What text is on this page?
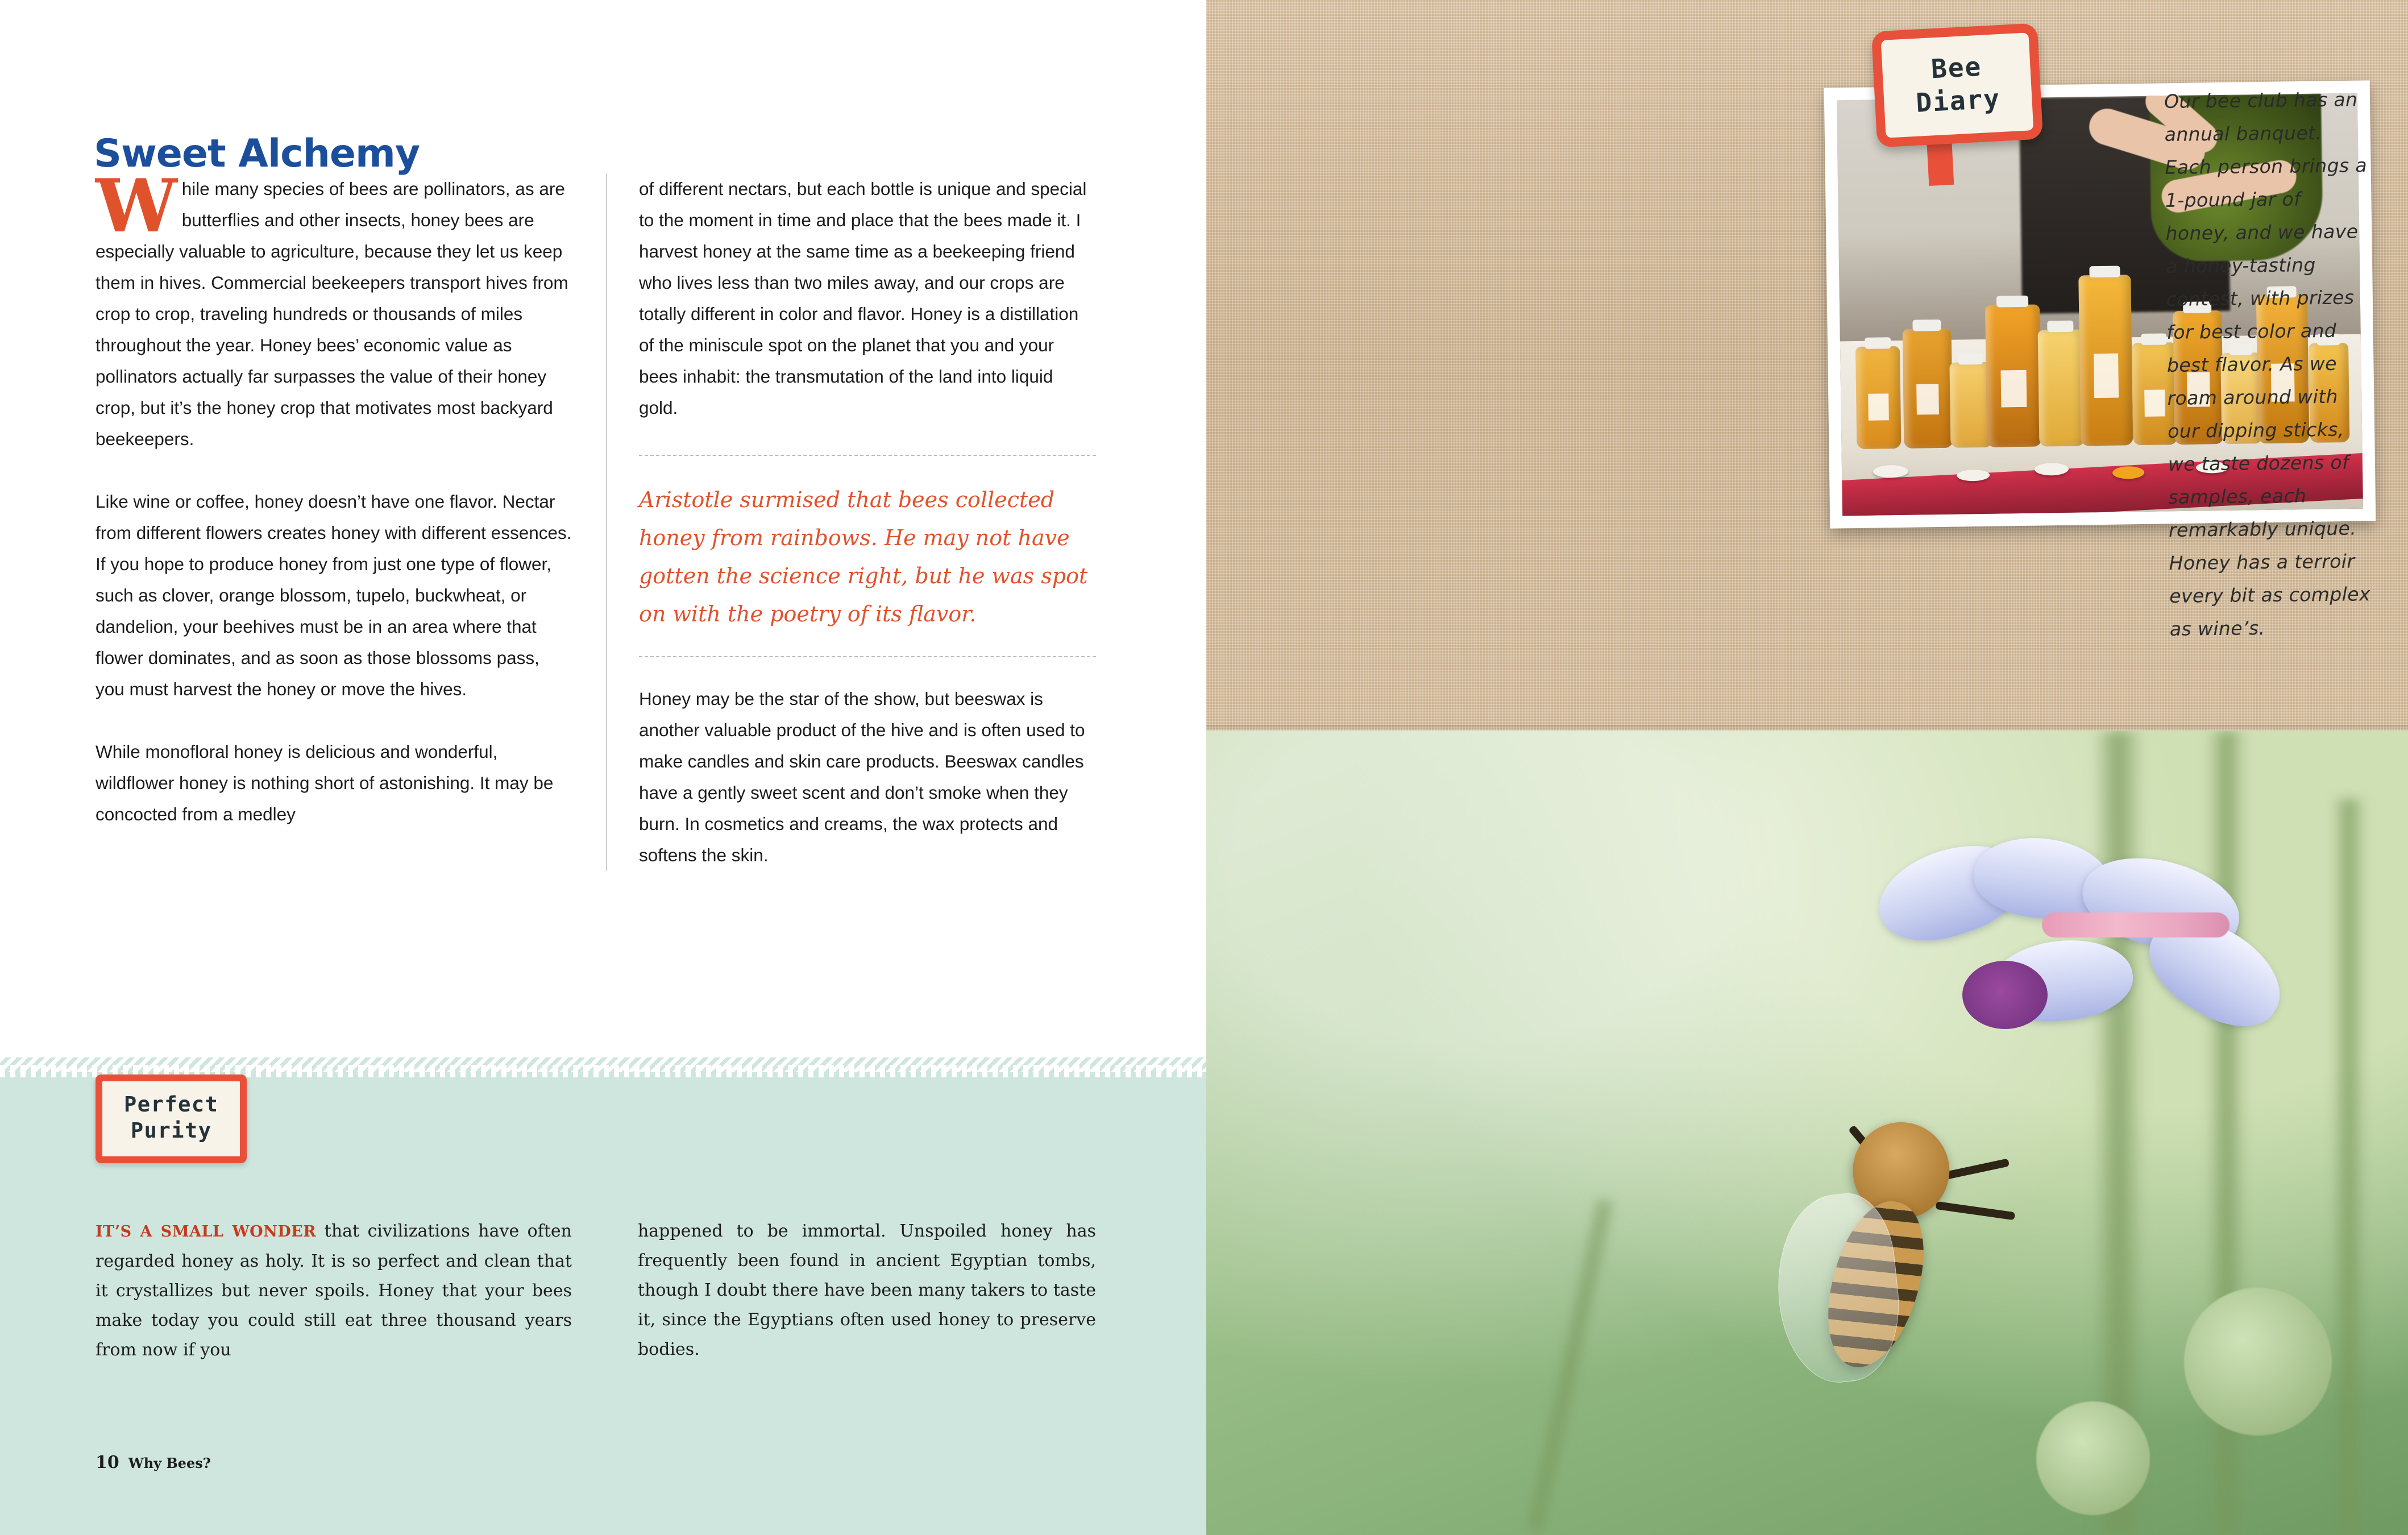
Sweet Alchemy

While many species of bees are pollinators, as are butterflies and other insects, honey bees are especially valuable to agriculture, because they let us keep them in hives. Commercial beekeepers transport hives from crop to crop, traveling hundreds or thousands of miles throughout the year. Honey bees’ economic value as pollinators actually far surpasses the value of their honey crop, but it’s the honey crop that motivates most backyard beekeepers.

Like wine or coffee, honey doesn’t have one flavor. Nectar from different flowers creates honey with different essences. If you hope to produce honey from just one type of flower, such as clover, orange blossom, tupelo, buckwheat, or dandelion, your beehives must be in an area where that flower dominates, and as soon as those blossoms pass, you must harvest the honey or move the hives.

While monofloral honey is delicious and wonderful, wildflower honey is nothing short of astonishing. It may be concocted from a medley

of different nectars, but each bottle is unique and special to the moment in time and place that the bees made it. I harvest honey at the same time as a beekeeping friend who lives less than two miles away, and our crops are totally different in color and flavor. Honey is a distillation of the miniscule spot on the planet that you and your bees inhabit: the transmutation of the land into liquid gold.

Aristotle surmised that bees collected honey from rainbows. He may not have gotten the science right, but he was spot on with the poetry of its flavor.

Honey may be the star of the show, but beeswax is another valuable product of the hive and is often used to make candles and skin care products. Beeswax candles have a gently sweet scent and don’t smoke when they burn. In cosmetics and creams, the wax protects and softens the skin.

Perfect
Purity

IT’S A SMALL WONDER that civilizations have often regarded honey as holy. It is so perfect and clean that it crystallizes but never spoils. Honey that your bees make today you could still eat three thousand years from now if you

happened to be immortal. Unspoiled honey has frequently been found in ancient Egyptian tombs, though I doubt there have been many takers to taste it, since the Egyptians often used honey to preserve bodies.

10 Why Bees?
Bee
Diary	Our bee club has an annual banquet. Each person brings a 1-pound jar of honey, and we have a honey-tasting contest, with prizes for best color and best flavor. As we roam around with our dipping sticks, we taste dozens of samples, each remarkably unique. Honey has a terroir every bit as complex as wine’s.
